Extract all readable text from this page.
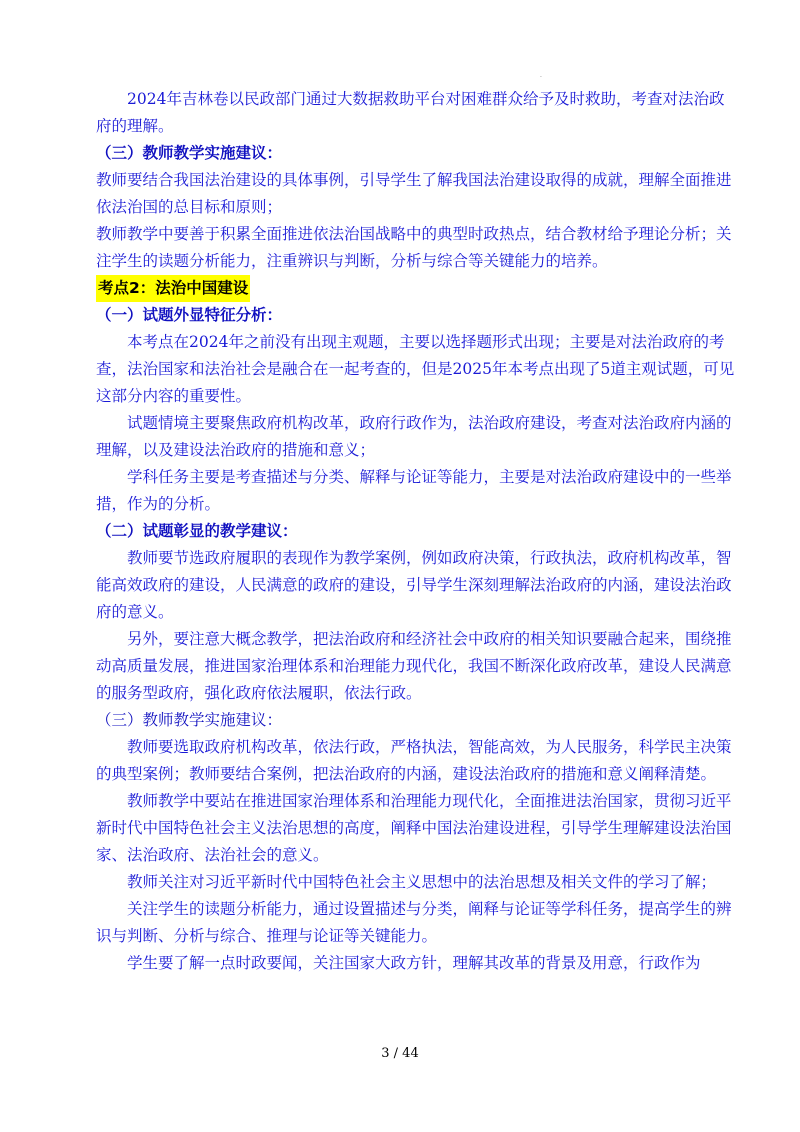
.

2024年吉林卷以民政部门通过大数据救助平台对困难群众给予及时救助，考查对法治政府的理解。

（三）教师教学实施建议：

教师要结合我国法治建设的具体事例，引导学生了解我国法治建设取得的成就，理解全面推进依法治国的总目标和原则；

教师教学中要善于积累全面推进依法治国战略中的典型时政热点，结合教材给予理论分析；关注学生的读题分析能力，注重辨识与判断，分析与综合等关键能力的培养。

考点2：法治中国建设

（一）试题外显特征分析：

本考点在2024年之前没有出现主观题，主要以选择题形式出现；主要是对法治政府的考查，法治国家和法治社会是融合在一起考查的，但是2025年本考点出现了5道主观试题，可见这部分内容的重要性。

试题情境主要聚焦政府机构改革，政府行政作为，法治政府建设，考查对法治政府内涵的理解，以及建设法治政府的措施和意义；

学科任务主要是考查描述与分类、解释与论证等能力，主要是对法治政府建设中的一些举措，作为的分析。

（二）试题彰显的教学建议：

教师要节选政府履职的表现作为教学案例，例如政府决策，行政执法，政府机构改革，智能高效政府的建设，人民满意的政府的建设，引导学生深刻理解法治政府的内涵，建设法治政府的意义。

另外，要注意大概念教学，把法治政府和经济社会中政府的相关知识要融合起来，围绕推动高质量发展，推进国家治理体系和治理能力现代化，我国不断深化政府改革，建设人民满意的服务型政府，强化政府依法履职，依法行政。

（三）教师教学实施建议：

教师要选取政府机构改革，依法行政，严格执法，智能高效，为人民服务，科学民主决策的典型案例；教师要结合案例，把法治政府的内涵，建设法治政府的措施和意义阐释清楚。

教师教学中要站在推进国家治理体系和治理能力现代化，全面推进法治国家，贯彻习近平新时代中国特色社会主义法治思想的高度，阐释中国法治建设进程，引导学生理解建设法治国家、法治政府、法治社会的意义。

教师关注对习近平新时代中国特色社会主义思想中的法治思想及相关文件的学习了解；

关注学生的读题分析能力，通过设置描述与分类，阐释与论证等学科任务，提高学生的辨识与判断、分析与综合、推理与论证等关键能力。

学生要了解一点时政要闻，关注国家大政方针，理解其改革的背景及用意，行政作为

3 / 44
